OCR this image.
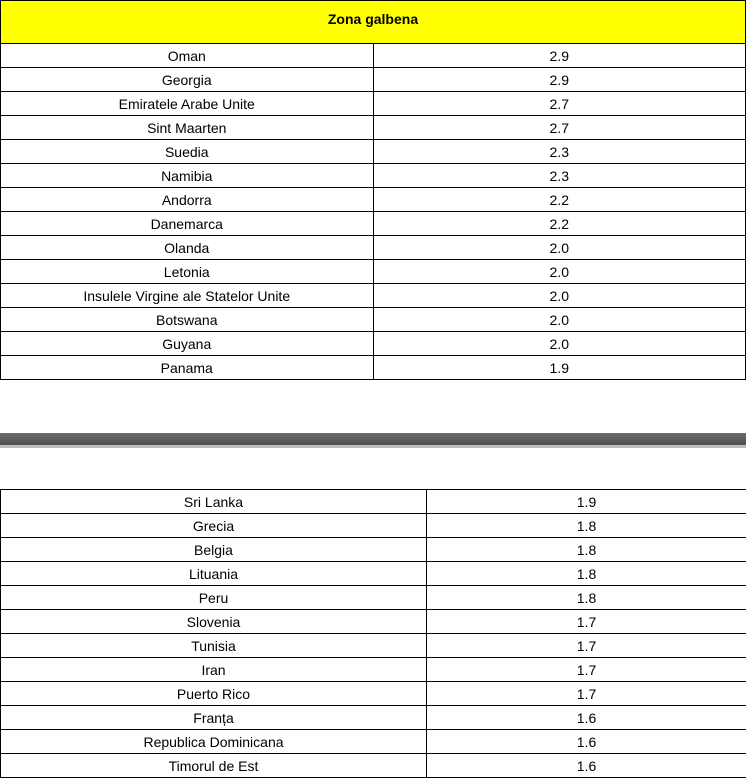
Zona galbena	
Oman	2.9
Georgia	2.9
Emiratele Arabe Unite	2.7
Sint Maarten	2.7
Suedia	2.3
Namibia	2.3
Andorra	2.2
Danemarca	2.2
Olanda	2.0
Letonia	2.0
Insulele Virgine ale Statelor Unite	2.0
Botswana	2.0
Guyana	2.0
Panama	1.9
Sri Lanka	1.9
Grecia	1.8
Belgia	1.8
Lituania	1.8
Peru	1.8
Slovenia	1.7
Tunisia	1.7
Iran	1.7
Puerto Rico	1.7
Franța	1.6
Republica Dominicana	1.6
Timorul de Est	1.6
